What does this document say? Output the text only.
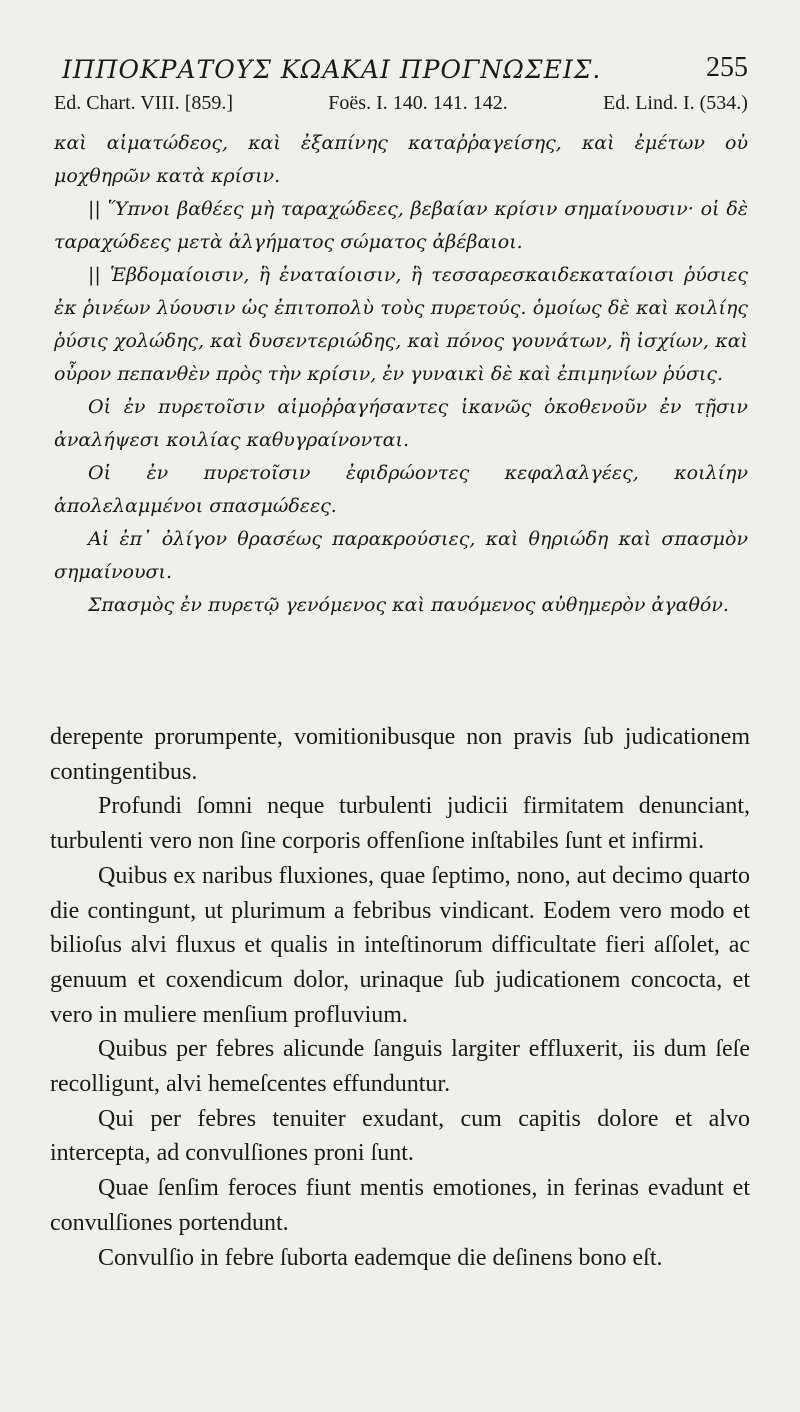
ΙΠΠΟΚΡΑΤΟΥΣ ΚΩΑΚΑΙ ΠΡΟΓΝΩΣΕΙΣ.	255
Ed. Chart. VIII. [859.]	Foës. I. 140. 141. 142.	Ed. Lind. I. (534.)

καὶ αἱματώδεος, καὶ ἐξαπίνης καταῤῥαγείσης, καὶ ἐμέτων οὐ μοχθηρῶν κατὰ κρίσιν.

|| Ὕπνοι βαθέες μὴ ταραχώδεες, βεβαίαν κρίσιν σημαίνουσιν· οἱ δὲ ταραχώδεες μετὰ ἀλγήματος σώματος ἀβέβαιοι.

|| Ἑβδομαίοισιν, ἢ ἐναταίοισιν, ἢ τεσσαρεσκαιδεκαταίοισι ῥύσιες ἐκ ῥινέων λύουσιν ὡς ἐπιτοπολὺ τοὺς πυρετούς. ὁμοίως δὲ καὶ κοιλίης ῥύσις χολώδης, καὶ δυσεντεριώδης, καὶ πόνος γουνάτων, ἢ ἰσχίων, καὶ οὖρον πεπανθὲν πρὸς τὴν κρίσιν, ἐν γυναικὶ δὲ καὶ ἐπιμηνίων ῥύσις.

Οἱ ἐν πυρετοῖσιν αἱμοῤῥαγήσαντες ἱκανῶς ὁκοθενοῦν ἐν τῇσιν ἀναλήψεσι κοιλίας καθυγραίνονται.

Οἱ ἐν πυρετοῖσιν ἐφιδρώοντες κεφαλαλγέες, κοιλίην ἀπολελαμμένοι σπασμώδεες.

Αἱ ἐπ᾽ ὀλίγον θρασέως παρακρούσιες, καὶ θηριώδη καὶ σπασμὸν σημαίνουσι.

Σπασμὸς ἐν πυρετῷ γενόμενος καὶ παυόμενος αὐθημερὸν ἀγαθόν.

derepente prorumpente, vomitionibusque non pravis ſub judicationem contingentibus.

Profundi ſomni neque turbulenti judicii firmitatem denunciant, turbulenti vero non ſine corporis offenſione inſtabiles ſunt et infirmi.

Quibus ex naribus fluxiones, quae ſeptimo, nono, aut decimo quarto die contingunt, ut plurimum a febribus vindicant. Eodem vero modo et bilioſus alvi fluxus et qualis in inteſtinorum difficultate fieri aſſolet, ac genuum et coxendicum dolor, urinaque ſub judicationem concocta, et vero in muliere menſium profluvium.

Quibus per febres alicunde ſanguis largiter effluxerit, iis dum ſeſe recolligunt, alvi hemeſcentes effunduntur.

Qui per febres tenuiter exudant, cum capitis dolore et alvo intercepta, ad convulſiones proni ſunt.

Quae ſenſim feroces fiunt mentis emotiones, in ferinas evadunt et convulſiones portendunt.

Convulſio in febre ſuborta eademque die deſinens bono eſt.
